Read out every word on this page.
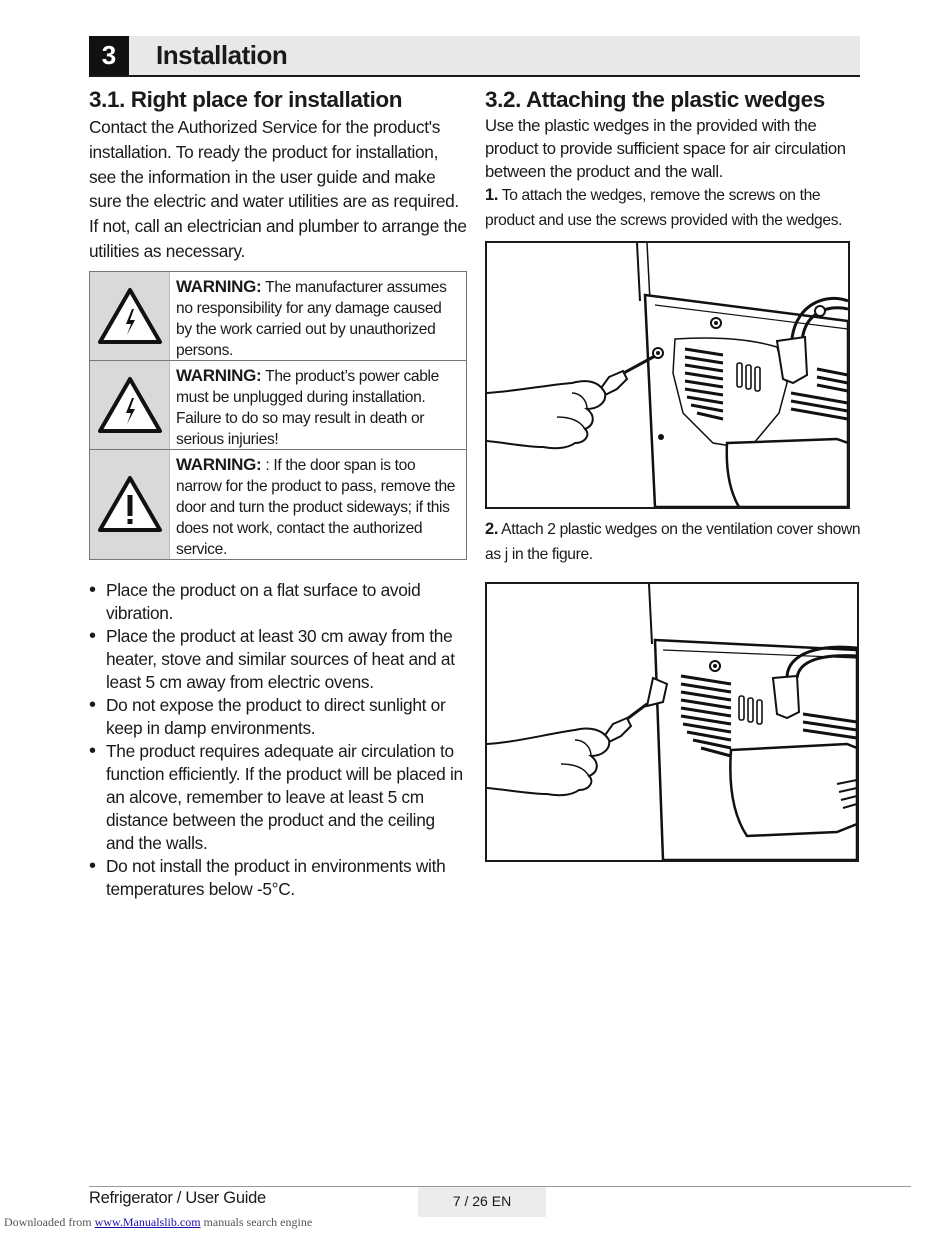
3	Installation
3.1. Right place for installation

Contact the Authorized Service for the product's installation. To ready the product for installation, see the information in the user guide and make sure the electric and water utilities are as required. If not, call an electrician and plumber to arrange the utilities as necessary.

WARNING: The manufacturer assumes no responsibility for any damage caused by the work carried out by unauthorized persons.
WARNING: The product’s power cable must be unplugged during installation. Failure to do so may result in death or serious injuries!
WARNING: : If the door span is too narrow for the product to pass, remove the door and turn the product sideways; if this does not work, contact the authorized service.
• Place the product on a flat surface to avoid vibration.
• Place the product at least 30 cm away from the heater, stove and similar sources of heat and at least 5 cm away from electric ovens.
• Do not expose the product to direct sunlight or keep in damp environments.
• The product requires adequate air circulation to function efficiently. If the product will be placed in an alcove, remember to leave at least 5 cm distance between the product and the ceiling and the walls.
• Do not install the product in environments with temperatures below -5°C.
3.2. Attaching the plastic wedges

Use the plastic wedges in the provided with the product to provide sufficient space for air circulation between the product and the wall.

1. To attach the wedges, remove the screws on the product and use the screws provided with the wedges.

2. Attach 2 plastic wedges on the ventilation cover shown as j in the figure.

Refrigerator / User Guide	7 / 26 EN
Downloaded from www.Manualslib.com manuals search engine
